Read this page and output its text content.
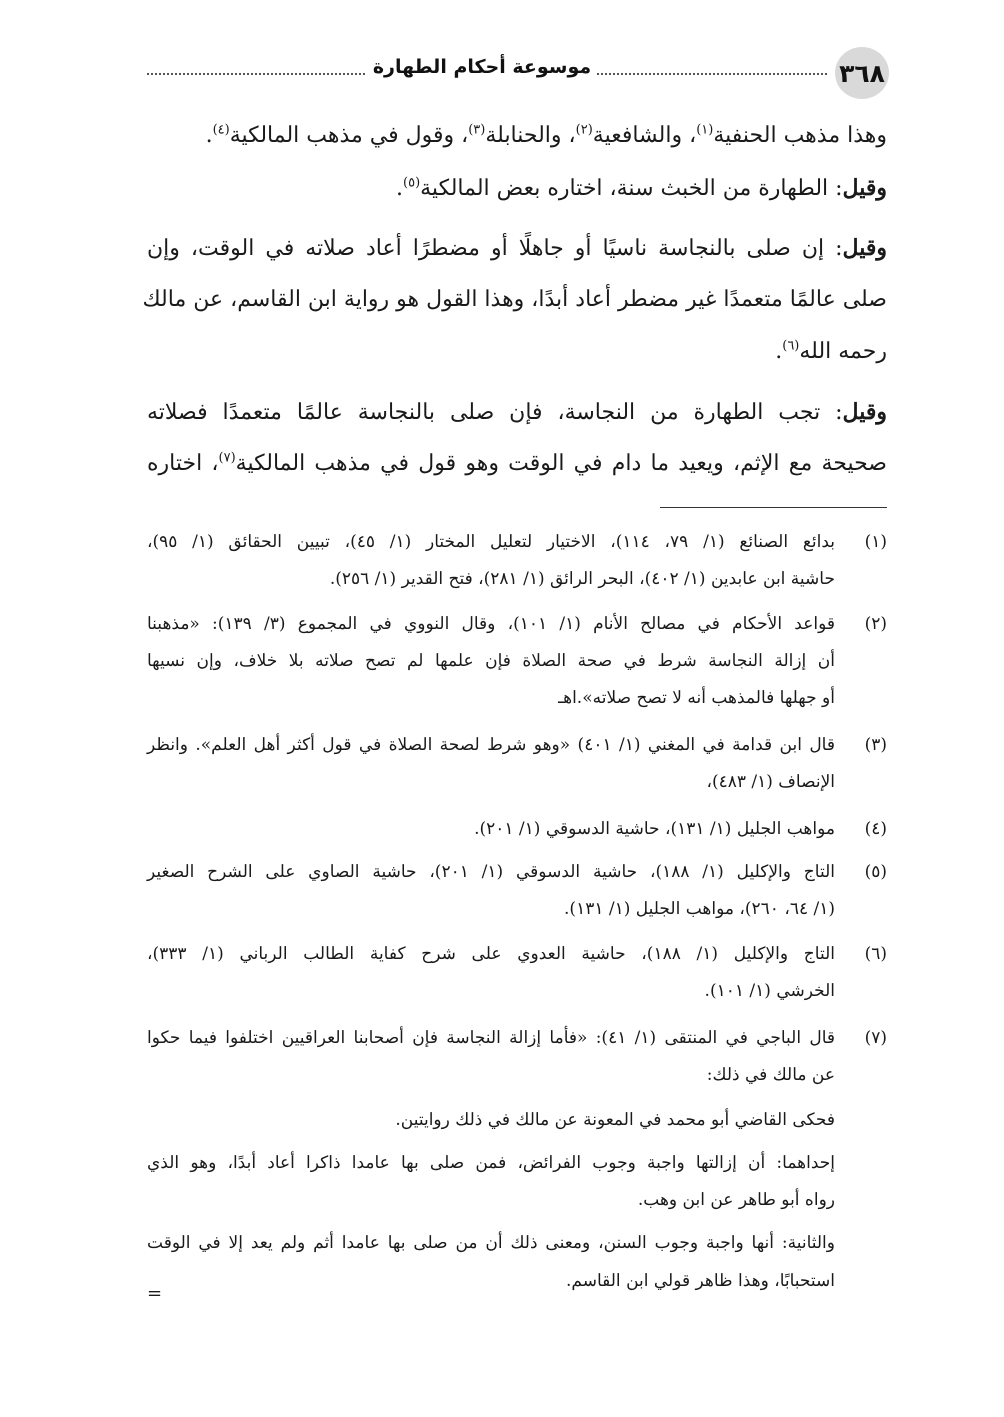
٣٦٨
موسوعة أحكام الطهارة
وهذا مذهب الحنفية$^{(١)}$، والشافعية$^{(٢)}$، والحنابلة$^{(٣)}$، وقول في مذهب المالكية$^{(٤)}$.
وقيل: الطهارة من الخبث سنة، اختاره بعض المالكية$^{(٥)}$.
وقيل: إن صلى بالنجاسة ناسيًا أو جاهلًا أو مضطرًا أعاد صلاته في الوقت، وإن
صلى عالمًا متعمدًا غير مضطر أعاد أبدًا، وهذا القول هو رواية ابن القاسم، عن مالك
رحمه الله$^{(٦)}$.
وقيل: تجب الطهارة من النجاسة، فإن صلى بالنجاسة عالمًا متعمدًا فصلاته
صحيحة مع الإثم، ويعيد ما دام في الوقت وهو قول في مذهب المالكية$^{(٧)}$، اختاره
(١)
بدائع الصنائع (١/ ٧٩، ١١٤)، الاختيار لتعليل المختار (١/ ٤٥)، تبيين الحقائق (١/ ٩٥)،
حاشية ابن عابدين (١/ ٤٠٢)، البحر الرائق (١/ ٢٨١)، فتح القدير (١/ ٢٥٦).
(٢)
قواعد الأحكام في مصالح الأنام (١/ ١٠١)، وقال النووي في المجموع (٣/ ١٣٩): «مذهبنا
أن إزالة النجاسة شرط في صحة الصلاة فإن علمها لم تصح صلاته بلا خلاف، وإن نسيها
أو جهلها فالمذهب أنه لا تصح صلاته».اهـ
(٣)
قال ابن قدامة في المغني (١/ ٤٠١) «وهو شرط لصحة الصلاة في قول أكثر أهل العلم». وانظر
الإنصاف (١/ ٤٨٣)،
(٤)
مواهب الجليل (١/ ١٣١)، حاشية الدسوقي (١/ ٢٠١).
(٥)
التاج والإكليل (١/ ١٨٨)، حاشية الدسوقي (١/ ٢٠١)، حاشية الصاوي على الشرح الصغير
(١/ ٦٤، ٢٦٠)، مواهب الجليل (١/ ١٣١).
(٦)
التاج والإكليل (١/ ١٨٨)، حاشية العدوي على شرح كفاية الطالب الرباني (١/ ٣٣٣)،
الخرشي (١/ ١٠١).
(٧)
قال الباجي في المنتقى (١/ ٤١): «فأما إزالة النجاسة فإن أصحابنا العراقيين اختلفوا فيما حكوا
عن مالك في ذلك:
فحكى القاضي أبو محمد في المعونة عن مالك في ذلك روايتين.
إحداهما: أن إزالتها واجبة وجوب الفرائض، فمن صلى بها عامدا ذاكرا أعاد أبدًا، وهو الذي
رواه أبو طاهر عن ابن وهب.
والثانية: أنها واجبة وجوب السنن، ومعنى ذلك أن من صلى بها عامدا أثم ولم يعد إلا في الوقت
استحبابًا، وهذا ظاهر قولي ابن القاسم.
=
